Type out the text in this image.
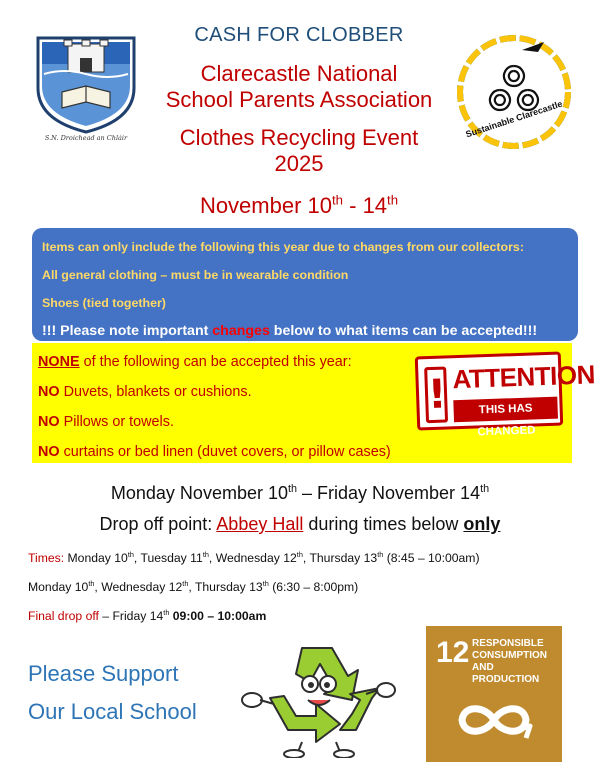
S.N. Droichead an Chláir
CASH FOR CLOBBER
Clarecastle National
School Parents Association
Clothes Recycling Event
2025
November 10th - 14th
Sustainable Clarecastle
Items can only include the following this year due to changes from our collectors:
All general clothing – must be in wearable condition
Shoes (tied together)
!!! Please note important changes below to what items can be accepted!!!
NONE of the following can be accepted this year:
NO Duvets, blankets or cushions.
NO Pillows or towels.
NO curtains or bed linen (duvet covers, or pillow cases)
! ATTENTION
THIS HAS CHANGED
Monday November 10th – Friday November 14th
Drop off point: Abbey Hall during times below only
Times: Monday 10th, Tuesday 11th, Wednesday 12th, Thursday 13th (8:45 – 10:00am)
Monday 10th, Wednesday 12th, Thursday 13th (6:30 – 8:00pm)
Final drop off – Friday 14th 09:00 – 10:00am
Please Support
Our Local School
12 RESPONSIBLE
CONSUMPTION
AND PRODUCTION
